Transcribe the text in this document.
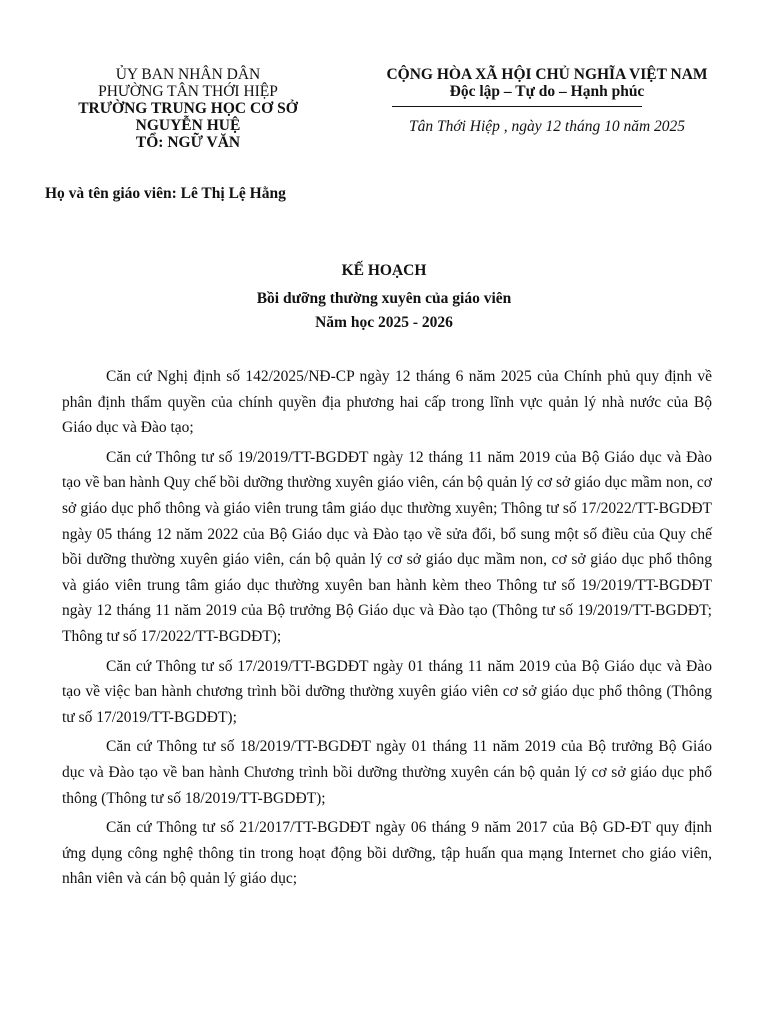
ỦY BAN NHÂN DÂN
PHƯỜNG TÂN THỚI HIỆP
TRƯỜNG TRUNG HỌC CƠ SỞ
NGUYỄN HUỆ
TỔ: NGỮ VĂN
CỘNG HÒA XÃ HỘI CHỦ NGHĨA VIỆT NAM
Độc lập – Tự do – Hạnh phúc
Tân Thới Hiệp , ngày 12 tháng 10 năm 2025
Họ và tên giáo viên: Lê Thị Lệ Hằng
KẾ HOẠCH
Bồi dưỡng thường xuyên của giáo viên
Năm học 2025 - 2026

Căn cứ Nghị định số 142/2025/NĐ-CP ngày 12 tháng 6 năm 2025 của Chính phủ quy định về phân định thẩm quyền của chính quyền địa phương hai cấp trong lĩnh vực quản lý nhà nước của Bộ Giáo dục và Đào tạo;

Căn cứ Thông tư số 19/2019/TT-BGDĐT ngày 12 tháng 11 năm 2019 của Bộ Giáo dục và Đào tạo về ban hành Quy chế bồi dưỡng thường xuyên giáo viên, cán bộ quản lý cơ sở giáo dục mầm non, cơ sở giáo dục phổ thông và giáo viên trung tâm giáo dục thường xuyên; Thông tư số 17/2022/TT-BGDĐT ngày 05 tháng 12 năm 2022 của Bộ Giáo dục và Đào tạo về sửa đổi, bổ sung một số điều của Quy chế bồi dưỡng thường xuyên giáo viên, cán bộ quản lý cơ sở giáo dục mầm non, cơ sở giáo dục phổ thông và giáo viên trung tâm giáo dục thường xuyên ban hành kèm theo Thông tư số 19/2019/TT-BGDĐT ngày 12 tháng 11 năm 2019 của Bộ trưởng Bộ Giáo dục và Đào tạo (Thông tư số 19/2019/TT-BGDĐT; Thông tư số 17/2022/TT-BGDĐT);

Căn cứ Thông tư số 17/2019/TT-BGDĐT ngày 01 tháng 11 năm 2019 của Bộ Giáo dục và Đào tạo về việc ban hành chương trình bồi dưỡng thường xuyên giáo viên cơ sở giáo dục phổ thông (Thông tư số 17/2019/TT-BGDĐT);

Căn cứ Thông tư số 18/2019/TT-BGDĐT ngày 01 tháng 11 năm 2019 của Bộ trưởng Bộ Giáo dục và Đào tạo về ban hành Chương trình bồi dưỡng thường xuyên cán bộ quản lý cơ sở giáo dục phổ thông (Thông tư số 18/2019/TT-BGDĐT);

Căn cứ Thông tư số 21/2017/TT-BGDĐT ngày 06 tháng 9 năm 2017 của Bộ GD-ĐT quy định ứng dụng công nghệ thông tin trong hoạt động bồi dưỡng, tập huấn qua mạng Internet cho giáo viên, nhân viên và cán bộ quản lý giáo dục;
